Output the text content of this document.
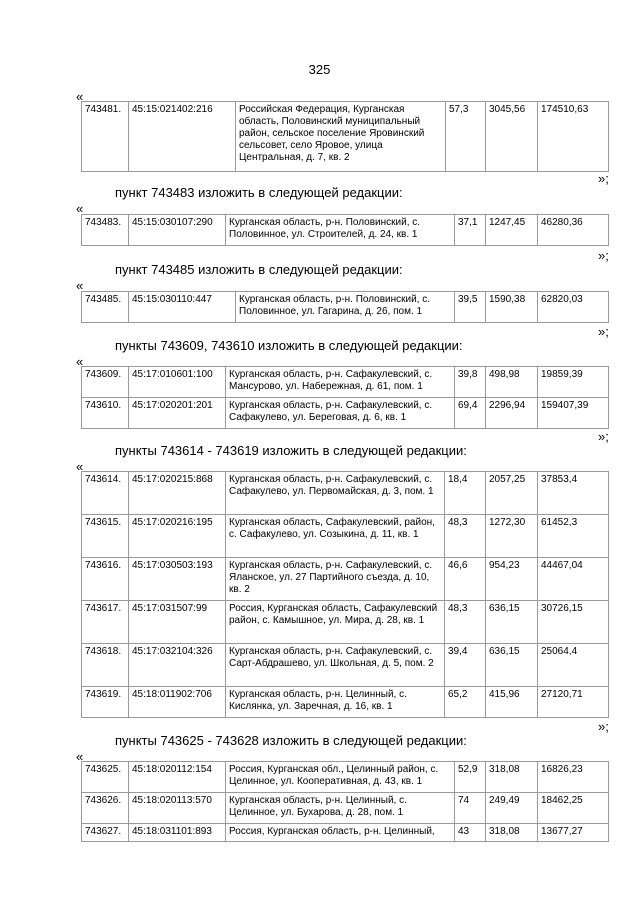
325
«
743481.	45:15:021402:216	Российская Федерация, Курганская область, Половинский муниципальный район, сельское поселение Яровинский сельсовет, село Яровое, улица Центральная, д. 7, кв. 2	57,3	3045,56	174510,63
»;
пункт 743483 изложить в следующей редакции:
«
743483.	45:15:030107:290	Курганская область, р-н. Половинский, с. Половинное, ул. Строителей, д. 24, кв. 1	37,1	1247,45	46280,36
»;
пункт 743485 изложить в следующей редакции:
«
743485.	45:15:030110:447	Курганская область, р-н. Половинский, с. Половинное, ул. Гагарина, д. 26, пом. 1	39,5	1590,38	62820,03
»;
пункты 743609, 743610 изложить в следующей редакции:
«
743609.	45:17:010601:100	Курганская область, р-н. Сафакулевский, с. Мансурово, ул. Набережная, д. 61, пом. 1	39,8	498,98	19859,39
743610.	45:17:020201:201	Курганская область, р-н. Сафакулевский, с. Сафакулево, ул. Береговая, д. 6, кв. 1	69,4	2296,94	159407,39
»;
пункты 743614 - 743619 изложить в следующей редакции:
«
743614.	45:17:020215:868	Курганская область, р-н. Сафакулевский, с. Сафакулево, ул. Первомайская, д. 3, пом. 1	18,4	2057,25	37853,4
743615.	45:17:020216:195	Курганская область, Сафакулевский, район, с. Сафакулево, ул. Созыкина, д. 11, кв. 1	48,3	1272,30	61452,3
743616.	45:17:030503:193	Курганская область, р-н. Сафакулевский, с. Яланское, ул. 27 Партийного съезда, д. 10, кв. 2	46,6	954,23	44467,04
743617.	45:17:031507:99	Россия, Курганская область, Сафакулевский район, с. Камышное, ул. Мира, д. 28, кв. 1	48,3	636,15	30726,15
743618.	45:17:032104:326	Курганская область, р-н. Сафакулевский, с. Сарт-Абдрашево, ул. Школьная, д. 5, пом. 2	39,4	636,15	25064,4
743619.	45:18:011902:706	Курганская область, р-н. Целинный, с. Кислянка, ул. Заречная, д. 16, кв. 1	65,2	415,96	27120,71
»;
пункты 743625 - 743628 изложить в следующей редакции:
«
743625.	45:18:020112:154	Россия, Курганская обл., Целинный район, с. Целинное, ул. Кооперативная, д. 43, кв. 1	52,9	318,08	16826,23
743626.	45:18:020113:570	Курганская область, р-н. Целинный, с. Целинное, ул. Бухарова, д. 28, пом. 1	74	249,49	18462,25
743627.	45:18:031101:893	Россия, Курганская область, р-н. Целинный,	43	318,08	13677,27
